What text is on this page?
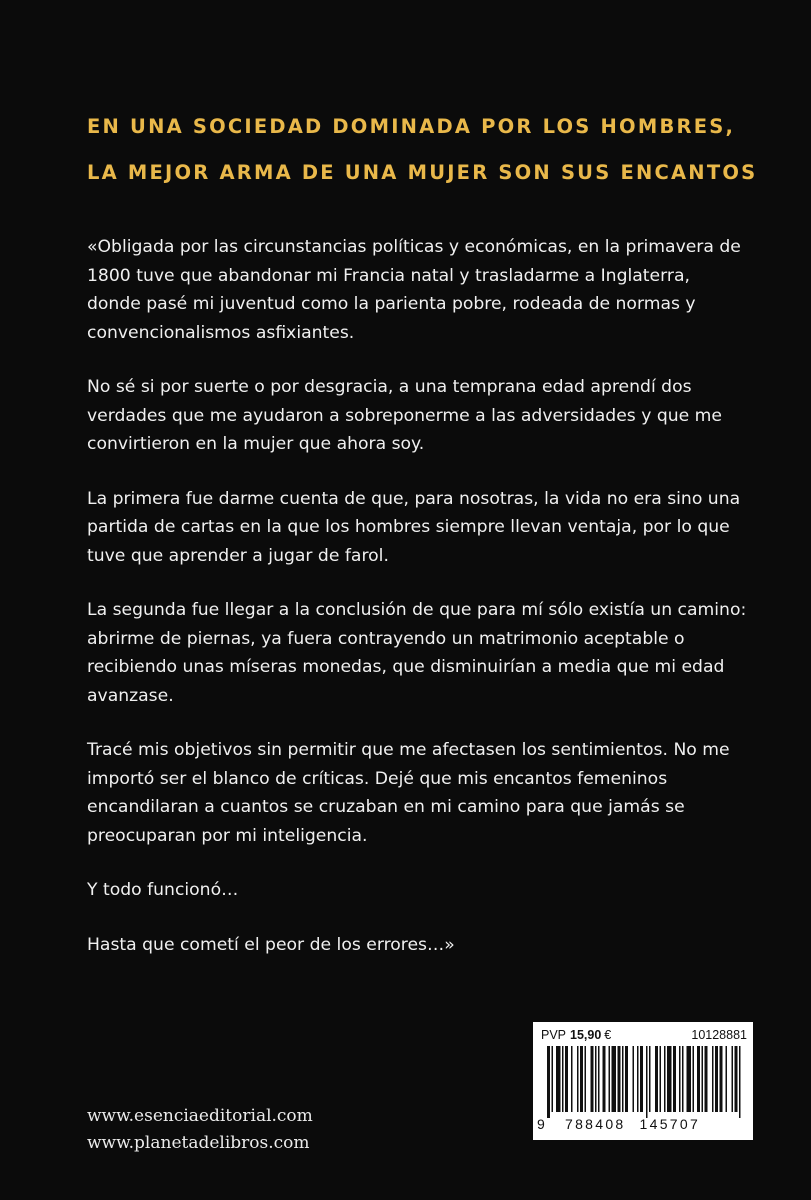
EN UNA SOCIEDAD DOMINADA POR LOS HOMBRES,
LA MEJOR ARMA DE UNA MUJER SON SUS ENCANTOS

«Obligada por las circunstancias políticas y económicas, en la primavera de 1800 tuve que abandonar mi Francia natal y trasladarme a Inglaterra, donde pasé mi juventud como la parienta pobre, rodeada de normas y convencionalismos asfixiantes.

No sé si por suerte o por desgracia, a una temprana edad aprendí dos verdades que me ayudaron a sobreponerme a las adversidades y que me convirtieron en la mujer que ahora soy.

La primera fue darme cuenta de que, para nosotras, la vida no era sino una partida de cartas en la que los hombres siempre llevan ventaja, por lo que tuve que aprender a jugar de farol.

La segunda fue llegar a la conclusión de que para mí sólo existía un camino: abrirme de piernas, ya fuera contrayendo un matrimonio aceptable o recibiendo unas míseras monedas, que disminuirían a media que mi edad avanzase.

Tracé mis objetivos sin permitir que me afectasen los sentimientos. No me importó ser el blanco de críticas. Dejé que mis encantos femeninos encandilaran a cuantos se cruzaban en mi camino para que jamás se preocuparan por mi inteligencia.

Y todo funcionó…

Hasta que cometí el peor de los errores…»

www.esenciaeditorial.com
www.planetadelibros.com
PVP 15,90 €	10128881
9 788408 145707
